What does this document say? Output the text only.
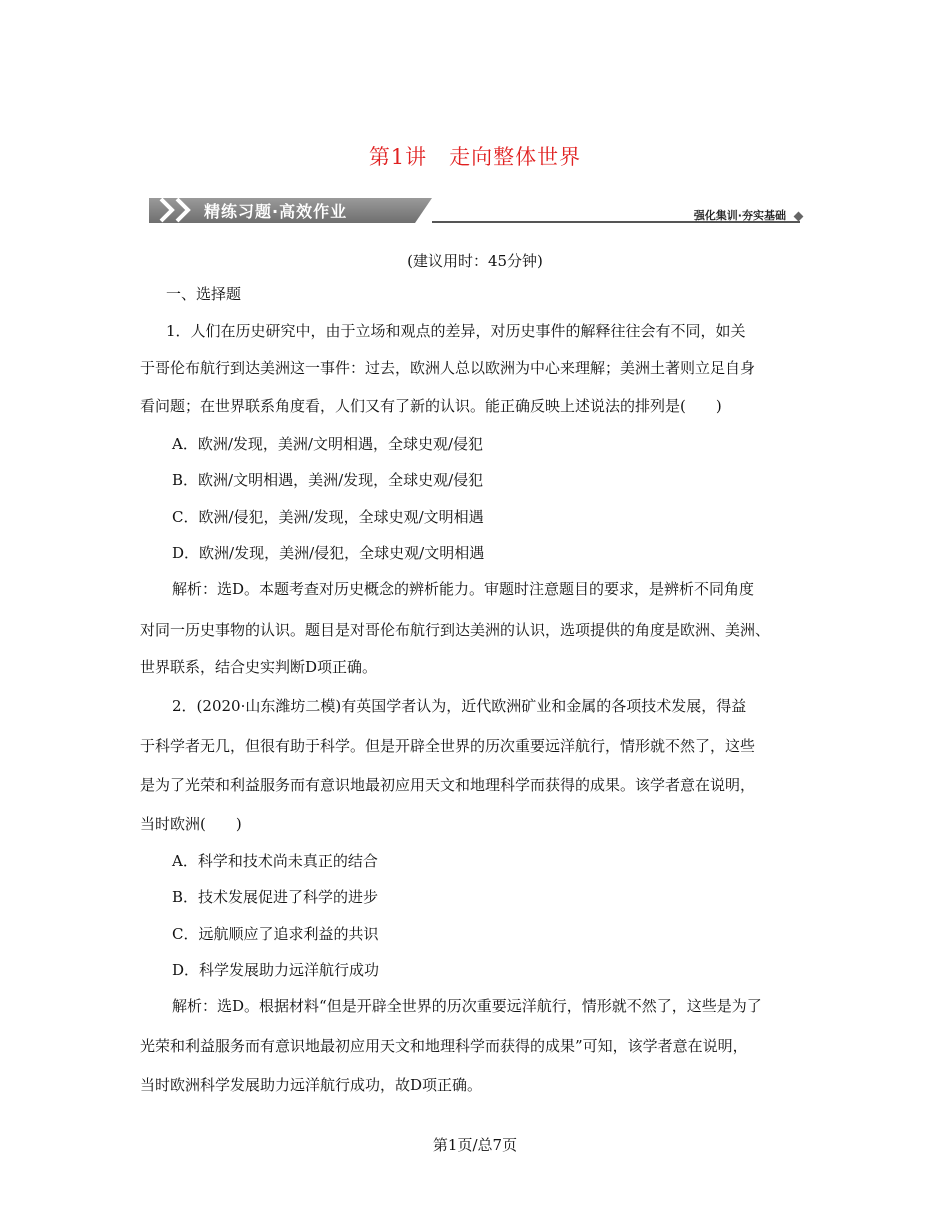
第1讲　走向整体世界
精练习题·高效作业	强化集训·夯实基础
(建议用时：45分钟)
一、选择题
1．人们在历史研究中，由于立场和观点的差异，对历史事件的解释往往会有不同，如关
于哥伦布航行到达美洲这一事件：过去，欧洲人总以欧洲为中心来理解；美洲土著则立足自身
看问题；在世界联系角度看，人们又有了新的认识。能正确反映上述说法的排列是(　　)
A．欧洲/发现，美洲/文明相遇，全球史观/侵犯
B．欧洲/文明相遇，美洲/发现，全球史观/侵犯
C．欧洲/侵犯，美洲/发现，全球史观/文明相遇
D．欧洲/发现，美洲/侵犯，全球史观/文明相遇
解析：选D。本题考查对历史概念的辨析能力。审题时注意题目的要求，是辨析不同角度
对同一历史事物的认识。题目是对哥伦布航行到达美洲的认识，选项提供的角度是欧洲、美洲、
世界联系，结合史实判断D项正确。
2．(2020·山东潍坊二模)有英国学者认为，近代欧洲矿业和金属的各项技术发展，得益
于科学者无几，但很有助于科学。但是开辟全世界的历次重要远洋航行，情形就不然了，这些
是为了光荣和利益服务而有意识地最初应用天文和地理科学而获得的成果。该学者意在说明，
当时欧洲(　　)
A．科学和技术尚未真正的结合
B．技术发展促进了科学的进步
C．远航顺应了追求利益的共识
D．科学发展助力远洋航行成功
解析：选D。根据材料“但是开辟全世界的历次重要远洋航行，情形就不然了，这些是为了
光荣和利益服务而有意识地最初应用天文和地理科学而获得的成果”可知，该学者意在说明，
当时欧洲科学发展助力远洋航行成功，故D项正确。
第1页/总7页
